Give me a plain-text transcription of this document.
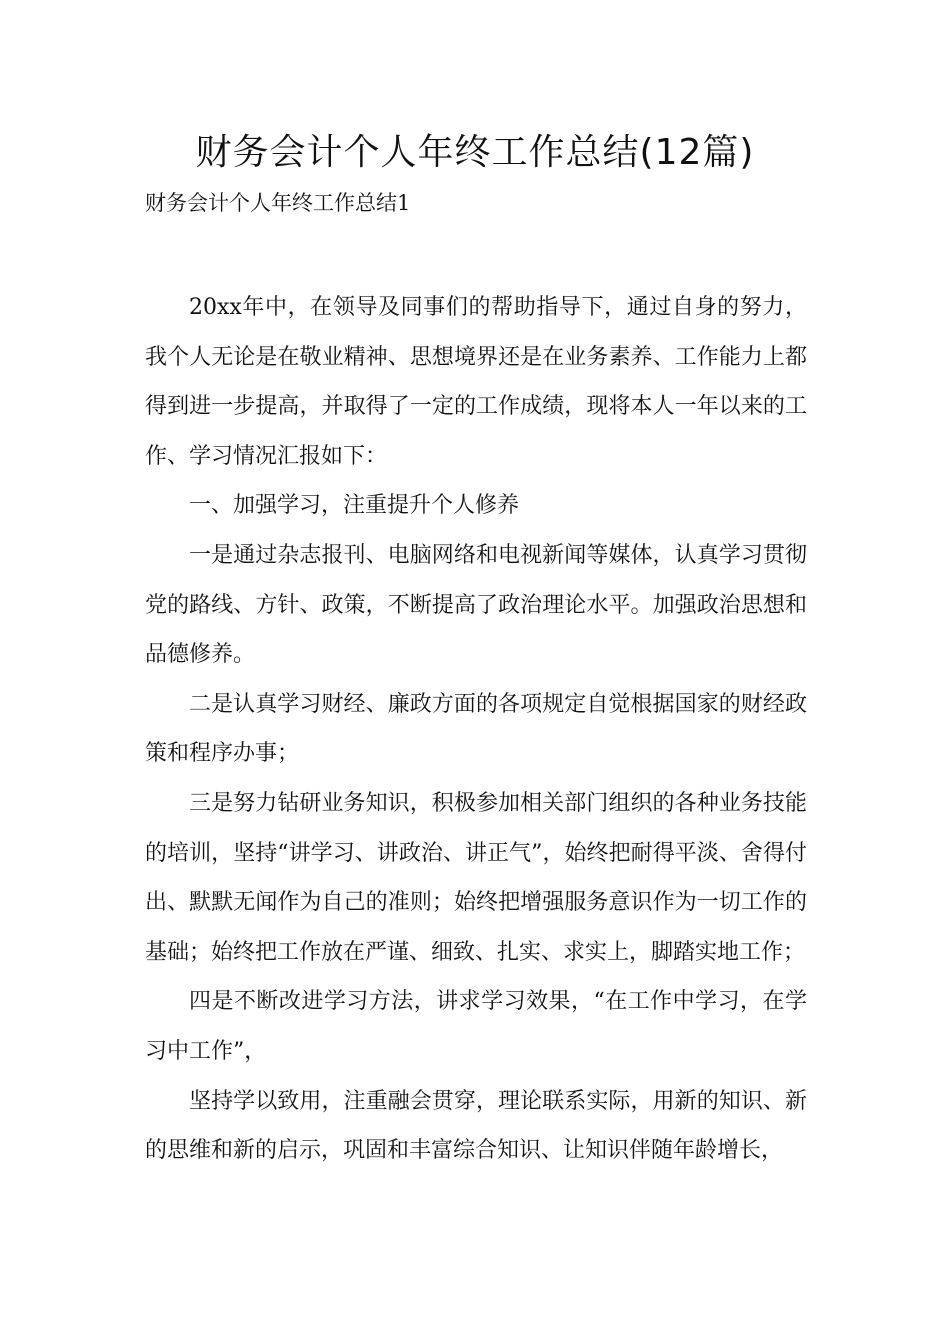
财务会计个人年终工作总结(12篇)
财务会计个人年终工作总结1

20xx年中，在领导及同事们的帮助指导下，通过自身的努力，我个人无论是在敬业精神、思想境界还是在业务素养、工作能力上都得到进一步提高，并取得了一定的工作成绩，现将本人一年以来的工作、学习情况汇报如下：

一、加强学习，注重提升个人修养

一是通过杂志报刊、电脑网络和电视新闻等媒体，认真学习贯彻党的路线、方针、政策，不断提高了政治理论水平。加强政治思想和品德修养。

二是认真学习财经、廉政方面的各项规定自觉根据国家的财经政策和程序办事；

三是努力钻研业务知识，积极参加相关部门组织的各种业务技能的培训，坚持“讲学习、讲政治、讲正气”，始终把耐得平淡、舍得付出、默默无闻作为自己的准则；始终把增强服务意识作为一切工作的基础；始终把工作放在严谨、细致、扎实、求实上，脚踏实地工作；

四是不断改进学习方法，讲求学习效果，“在工作中学习，在学习中工作”，

坚持学以致用，注重融会贯穿，理论联系实际，用新的知识、新的思维和新的启示，巩固和丰富综合知识、让知识伴随年龄增长，
